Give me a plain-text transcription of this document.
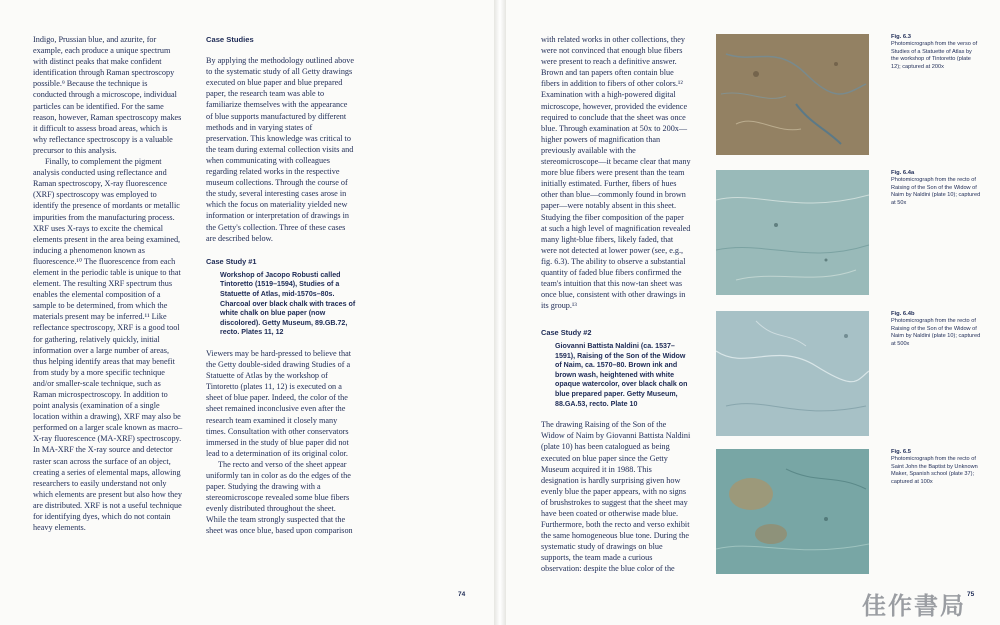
Indigo, Prussian blue, and azurite, for example, each produce a unique spectrum with distinct peaks that make confident identification through Raman spectroscopy possible.⁹ Because the technique is conducted through a microscope, individual particles can be identified. For the same reason, however, Raman spectroscopy makes it difficult to assess broad areas, which is why reflectance spectroscopy is a valuable precursor to this analysis.

Finally, to complement the pigment analysis conducted using reflectance and Raman spectroscopy, X-ray fluorescence (XRF) spectroscopy was employed to identify the presence of mordants or metallic impurities from the manufacturing process. XRF uses X-rays to excite the chemical elements present in the area being examined, inducing a phenomenon known as fluorescence.¹⁰ The fluorescence from each element in the periodic table is unique to that element. The resulting XRF spectrum thus enables the elemental composition of a sample to be determined, from which the materials present may be inferred.¹¹ Like reflectance spectroscopy, XRF is a good tool for gathering, relatively quickly, initial information over a large number of areas, thus helping identify areas that may benefit from study by a more specific technique and/or smaller-scale technique, such as Raman microspectroscopy. In addition to point analysis (examination of a single location within a drawing), XRF may also be performed on a larger scale known as macro–X-ray fluorescence (MA-XRF) spectroscopy. In MA-XRF the X-ray source and detector raster scan across the surface of an object, creating a series of elemental maps, allowing researchers to easily understand not only which elements are present but also how they are distributed. XRF is not a useful technique for identifying dyes, which do not contain heavy elements.

Case Studies

By applying the methodology outlined above to the systematic study of all Getty drawings executed on blue paper and blue prepared paper, the research team was able to familiarize themselves with the appearance of blue supports manufactured by different methods and in varying states of preservation. This knowledge was critical to the team during external collection visits and when communicating with colleagues regarding related works in the respective museum collections. Through the course of the study, several interesting cases arose in which the focus on materiality yielded new information or interpretation of drawings in the Getty's collection. Three of these cases are described below.

Case Study #1
Workshop of Jacopo Robusti called Tintoretto (1519–1594), Studies of a Statuette of Atlas, mid-1570s–80s. Charcoal over black chalk with traces of white chalk on blue paper (now discolored). Getty Museum, 89.GB.72, recto. Plates 11, 12

Viewers may be hard-pressed to believe that the Getty double-sided drawing Studies of a Statuette of Atlas by the workshop of Tintoretto (plates 11, 12) is executed on a sheet of blue paper. Indeed, the color of the sheet remained inconclusive even after the research team examined it closely many times. Consultation with other conservators immersed in the study of blue paper did not lead to a determination of its original color.

The recto and verso of the sheet appear uniformly tan in color as do the edges of the paper. Studying the drawing with a stereomicroscope revealed some blue fibers evenly distributed throughout the sheet. While the team strongly suspected that the sheet was once blue, based upon comparison

74

with related works in other collections, they were not convinced that enough blue fibers were present to reach a definitive answer. Brown and tan papers often contain blue fibers in addition to fibers of other colors.¹² Examination with a high-powered digital microscope, however, provided the evidence required to conclude that the sheet was once blue. Through examination at 50x to 200x—higher powers of magnification than previously available with the stereomicroscope—it became clear that many more blue fibers were present than the team initially estimated. Further, fibers of hues other than blue—commonly found in brown paper—were notably absent in this sheet. Studying the fiber composition of the paper at such a high level of magnification revealed many light-blue fibers, likely faded, that were not detected at lower power (see, e.g., fig. 6.3). The ability to observe a substantial quantity of faded blue fibers confirmed the team's intuition that this now-tan sheet was once blue, consistent with other drawings in its group.¹³

Case Study #2
Giovanni Battista Naldini (ca. 1537–1591), Raising of the Son of the Widow of Naim, ca. 1570–80. Brown ink and brown wash, heightened with white opaque watercolor, over black chalk on blue prepared paper. Getty Museum, 88.GA.53, recto. Plate 10

The drawing Raising of the Son of the Widow of Naim by Giovanni Battista Naldini (plate 10) has been catalogued as being executed on blue paper since the Getty Museum acquired it in 1988. This designation is hardly surprising given how evenly blue the paper appears, with no signs of brushstrokes to suggest that the sheet may have been coated or otherwise made blue. Furthermore, both the recto and verso exhibit the same homogeneous blue tone. During the systematic study of drawings on blue supports, the team made a curious observation: despite the blue color of the

Fig. 6.3
Photomicrograph from the verso of Studies of a Statuette of Atlas by the workshop of Tintoretto (plate 12); captured at 200x
Fig. 6.4a
Photomicrograph from the recto of Raising of the Son of the Widow of Naim by Naldini (plate 10); captured at 50x
Fig. 6.4b
Photomicrograph from the recto of Raising of the Son of the Widow of Naim by Naldini (plate 10); captured at 500x
Fig. 6.5
Photomicrograph from the recto of Saint John the Baptist by Unknown Maker, Spanish school (plate 37); captured at 100x
75
佳作書局
